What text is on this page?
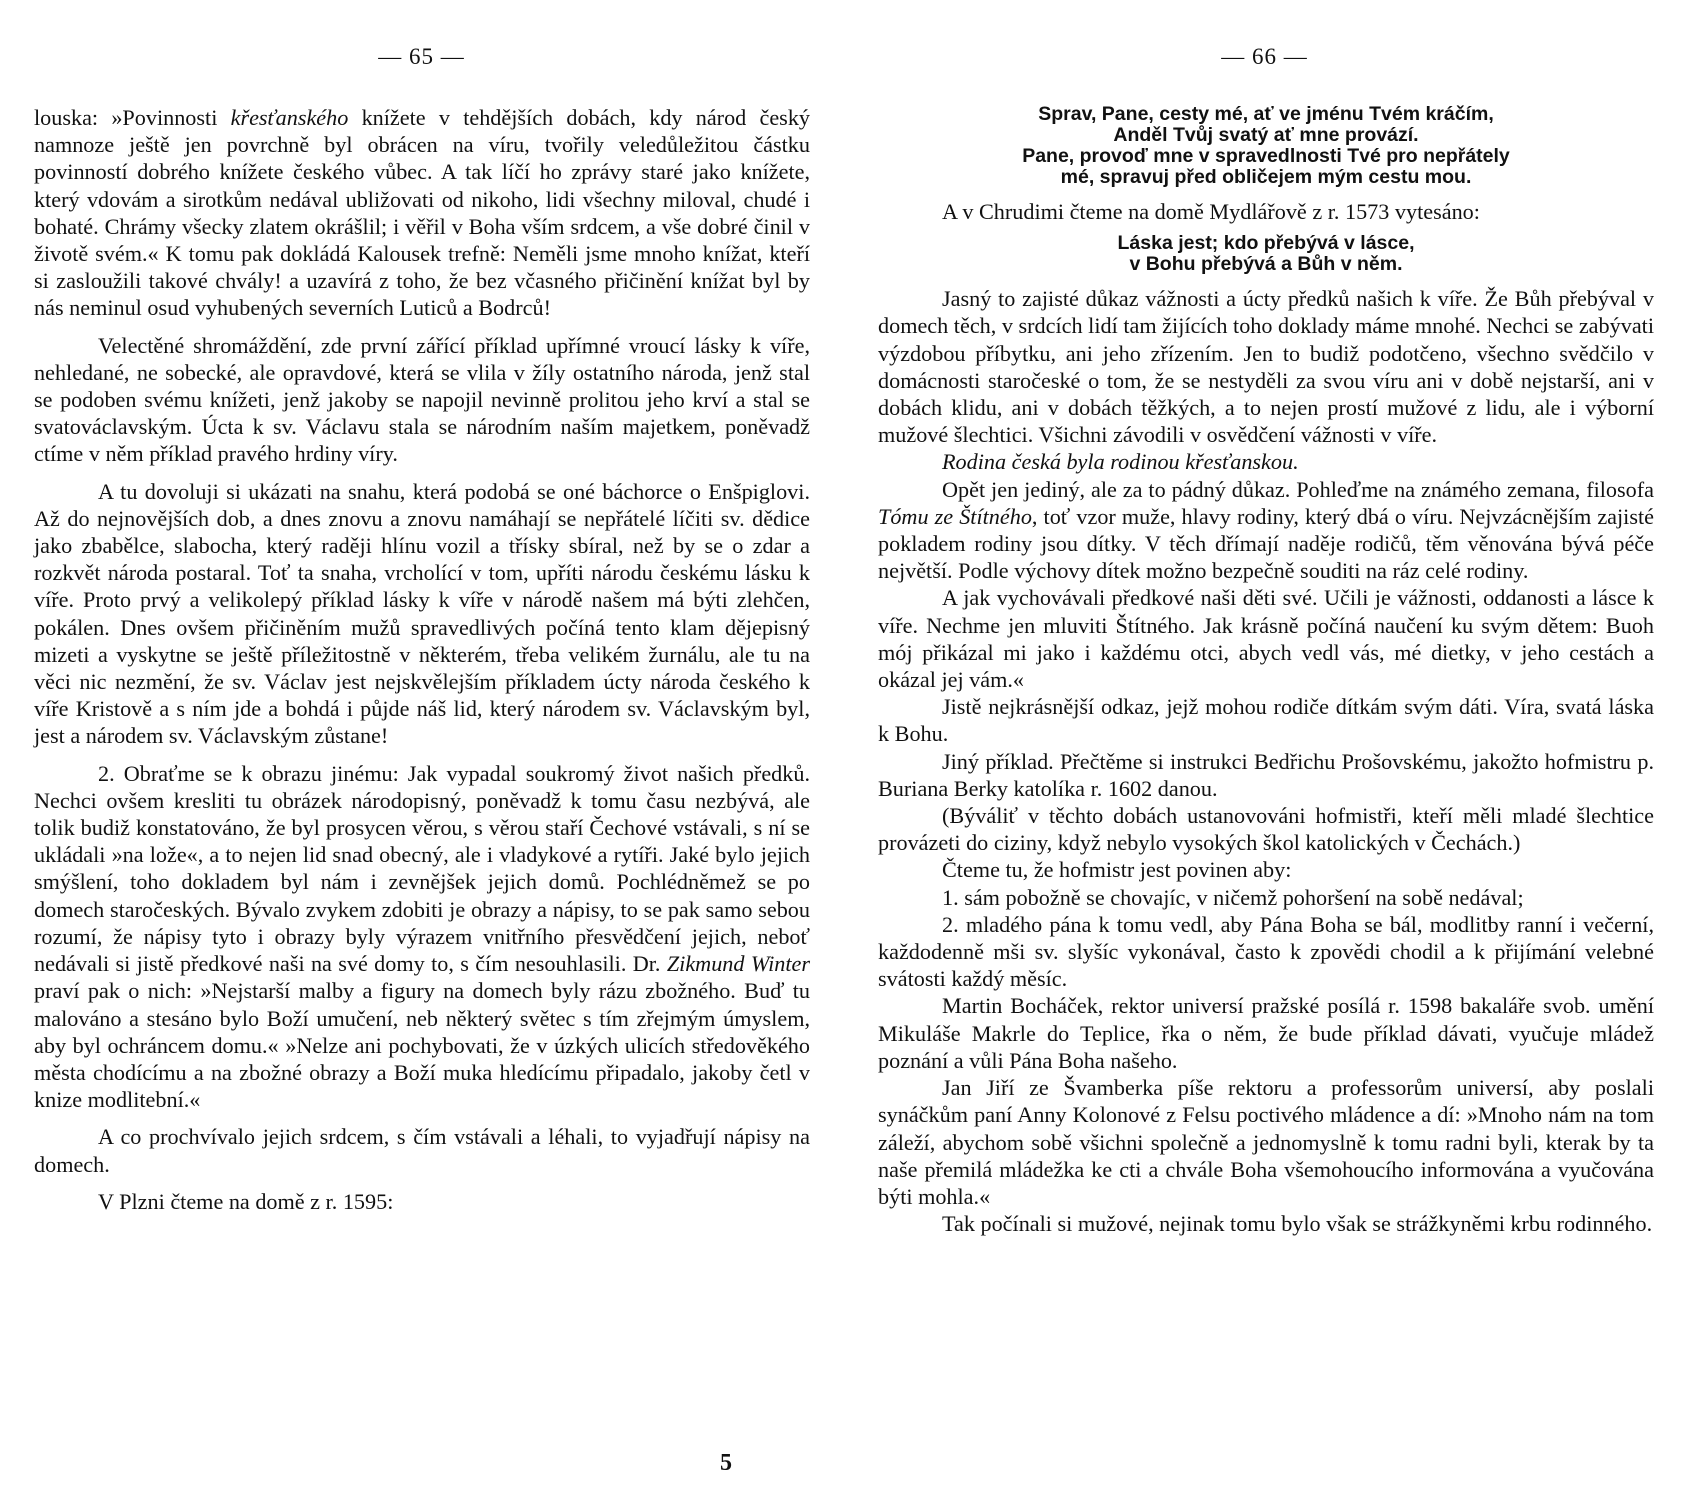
— 65 —

louska: »Povinnosti křesťanského knížete v tehdějších dobách, kdy národ český namnoze ještě jen povrchně byl obrácen na víru, tvořily veledůležitou částku povinností dobrého knížete českého vůbec. A tak líčí ho zprávy staré jako knížete, který vdovám a sirotkům nedával ubližovati od nikoho, lidi všechny miloval, chudé i bohaté. Chrámy všecky zlatem okrášlil; i věřil v Boha vším srdcem, a vše dobré činil v životě svém.« K tomu pak dokládá Kalousek trefně: Neměli jsme mnoho knížat, kteří si zasloužili takové chvály! a uzavírá z toho, že bez včasného přičinění knížat byl by nás neminul osud vyhubených severních Luticů a Bodrců!

Velectěné shromáždění, zde první zářící příklad upřímné vroucí lásky k víře, nehledané, ne sobecké, ale opravdové, která se vlila v žíly ostatního národa, jenž stal se podoben svému knížeti, jenž jakoby se napojil nevinně prolitou jeho krví a stal se svatováclavským. Úcta k sv. Václavu stala se národním naším majetkem, poněvadž ctíme v něm příklad pravého hrdiny víry.

A tu dovoluji si ukázati na snahu, která podobá se oné báchorce o Enšpiglovi. Až do nejnovějších dob, a dnes znovu a znovu namáhají se nepřátelé líčiti sv. dědice jako zbabělce, slabocha, který raději hlínu vozil a třísky sbíral, než by se o zdar a rozkvět národa postaral. Toť ta snaha, vrcholící v tom, upříti národu českému lásku k víře. Proto prvý a velikolepý příklad lásky k víře v národě našem má býti zlehčen, pokálen. Dnes ovšem přičiněním mužů spravedlivých počíná tento klam dějepisný mizeti a vyskytne se ještě příležitostně v některém, třeba velikém žurnálu, ale tu na věci nic nezmění, že sv. Václav jest nejskvělejším příkladem úcty národa českého k víře Kristově a s ním jde a bohdá i půjde náš lid, který národem sv. Václavským byl, jest a národem sv. Václavským zůstane!

2. Obraťme se k obrazu jinému: Jak vypadal soukromý život našich předků. Nechci ovšem kresliti tu obrázek národopisný, poněvadž k tomu času nezbývá, ale tolik budiž konstatováno, že byl prosycen věrou, s věrou staří Čechové vstávali, s ní se ukládali »na lože«, a to nejen lid snad obecný, ale i vladykové a rytíři. Jaké bylo jejich smýšlení, toho dokladem byl nám i zevnějšek jejich domů. Pochlédněmež se po domech staročeských. Bývalo zvykem zdobiti je obrazy a nápisy, to se pak samo sebou rozumí, že nápisy tyto i obrazy byly výrazem vnitřního přesvědčení jejich, neboť nedávali si jistě předkové naši na své domy to, s čím nesouhlasili. Dr. Zikmund Winter praví pak o nich: »Nejstarší malby a figury na domech byly rázu zbožného. Buď tu malováno a stesáno bylo Boží umučení, neb některý světec s tím zřejmým úmyslem, aby byl ochráncem domu.« »Nelze ani pochybovati, že v úzkých ulicích středověkého města chodícímu a na zbožné obrazy a Boží muka hledícímu připadalo, jakoby četl v knize modlitební.«

A co prochvívalo jejich srdcem, s čím vstávali a léhali, to vyjadřují nápisy na domech.

V Plzni čteme na domě z r. 1595:

5
— 66 —
Sprav, Pane, cesty mé, ať ve jménu Tvém kráčím,
Anděl Tvůj svatý ať mne provází.
Pane, provoď mne v spravedlnosti Tvé pro nepřátely
mé, spravuj před obličejem mým cestu mou.

A v Chrudimi čteme na domě Mydlářově z r. 1573 vytesáno:

Láska jest; kdo přebývá v lásce,
v Bohu přebývá a Bůh v něm.

Jasný to zajisté důkaz vážnosti a úcty předků našich k víře. Že Bůh přebýval v domech těch, v srdcích lidí tam žijících toho doklady máme mnohé. Nechci se zabývati výzdobou příbytku, ani jeho zřízením. Jen to budiž podotčeno, všechno svědčilo v domácnosti staročeské o tom, že se nestyděli za svou víru ani v době nejstarší, ani v dobách klidu, ani v dobách těžkých, a to nejen prostí mužové z lidu, ale i výborní mužové šlechtici. Všichni závodili v osvědčení vážnosti v víře.

Rodina česká byla rodinou křesťanskou.

Opět jen jediný, ale za to pádný důkaz. Pohleďme na známého zemana, filosofa Tómu ze Štítného, toť vzor muže, hlavy rodiny, který dbá o víru. Nejvzácnějším zajisté pokladem rodiny jsou dítky. V těch dřímají naděje rodičů, těm věnována bývá péče největší. Podle výchovy dítek možno bezpečně souditi na ráz celé rodiny.

A jak vychovávali předkové naši děti své. Učili je vážnosti, oddanosti a lásce k víře. Nechme jen mluviti Štítného. Jak krásně počíná naučení ku svým dětem: Buoh mój přikázal mi jako i každému otci, abych vedl vás, mé dietky, v jeho cestách a okázal jej vám.«

Jistě nejkrásnější odkaz, jejž mohou rodiče dítkám svým dáti. Víra, svatá láska k Bohu.

Jiný příklad. Přečtěme si instrukci Bedřichu Prošovskému, jakožto hofmistru p. Buriana Berky katolíka r. 1602 danou.

(Býváliť v těchto dobách ustanovováni hofmistři, kteří měli mladé šlechtice provázeti do ciziny, když nebylo vysokých škol katolických v Čechách.)

Čteme tu, že hofmistr jest povinen aby:

1. sám pobožně se chovajíc, v ničemž pohoršení na sobě nedával;

2. mladého pána k tomu vedl, aby Pána Boha se bál, modlitby ranní i večerní, každodenně mši sv. slyšíc vykonával, často k zpovědi chodil a k přijímání velebné svátosti každý měsíc.

Martin Bocháček, rektor universí pražské posílá r. 1598 bakaláře svob. umění Mikuláše Makrle do Teplice, řka o něm, že bude příklad dávati, vyučuje mládež poznání a vůli Pána Boha našeho.

Jan Jiří ze Švamberka píše rektoru a professorům universí, aby poslali synáčkům paní Anny Kolonové z Felsu poctivého mládence a dí: »Mnoho nám na tom záleží, abychom sobě všichni společně a jednomyslně k tomu radni byli, kterak by ta naše přemilá mládežka ke cti a chvále Boha všemohoucího informována a vyučována býti mohla.«

Tak počínali si mužové, nejinak tomu bylo však se strážkyněmi krbu rodinného.
